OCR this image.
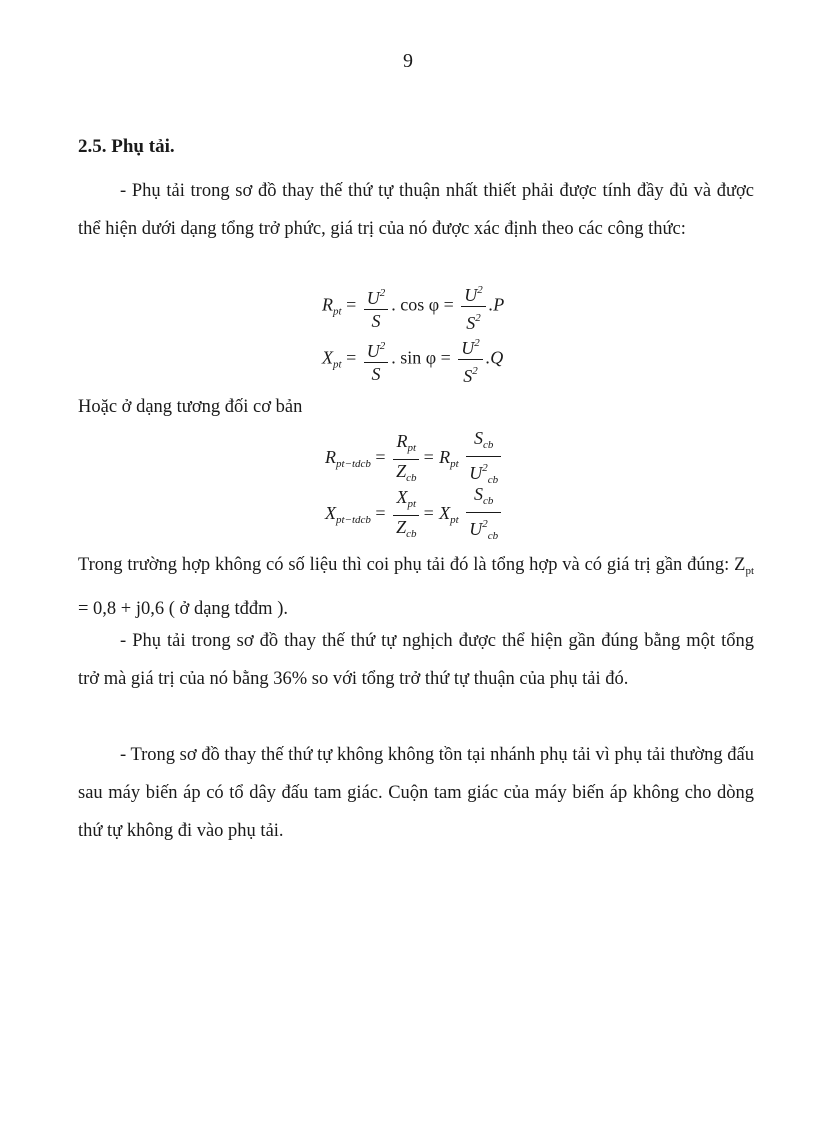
9
2.5. Phụ tải.
- Phụ tải trong sơ đồ thay thế thứ tự thuận nhất thiết phải được tính đầy đủ và được thể hiện dưới dạng tổng trở phức, giá trị của nó được xác định theo các công thức:
$R_{pt} = \frac{U^2}{S}$ . $\cos \varphi = \frac{U^2}{S^2} .P$
$X_{pt} = \frac{U^2}{S}$ . $\sin \varphi = \frac{U^2}{S^2} .Q$
Hoặc ở dạng tương đối cơ bản
$R_{pt-tdcb} = \frac{R_{pt}}{Z_{cb}} = R_{pt} \frac{S_{cb}}{U^2_{cb}}$
$X_{pt-tdcb} = \frac{X_{pt}}{Z_{cb}} = X_{pt} \frac{S_{cb}}{U^2_{cb}}$
Trong trường hợp không có số liệu thì coi phụ tải đó là tổng hợp và có giá trị gần đúng: $Z_{pt} = 0,8 + j0,6$ ( ở dạng tđđm ).
- Phụ tải trong sơ đồ thay thế thứ tự nghịch được thể hiện gần đúng bằng một tổng trở mà giá trị của nó bằng 36% so với tổng trở thứ tự thuận của phụ tải đó.
- Trong sơ đồ thay thế thứ tự không không tồn tại nhánh phụ tải vì phụ tải thường đấu sau máy biến áp có tổ dây đấu tam giác. Cuộn tam giác của máy biến áp không cho dòng thứ tự không đi vào phụ tải.
